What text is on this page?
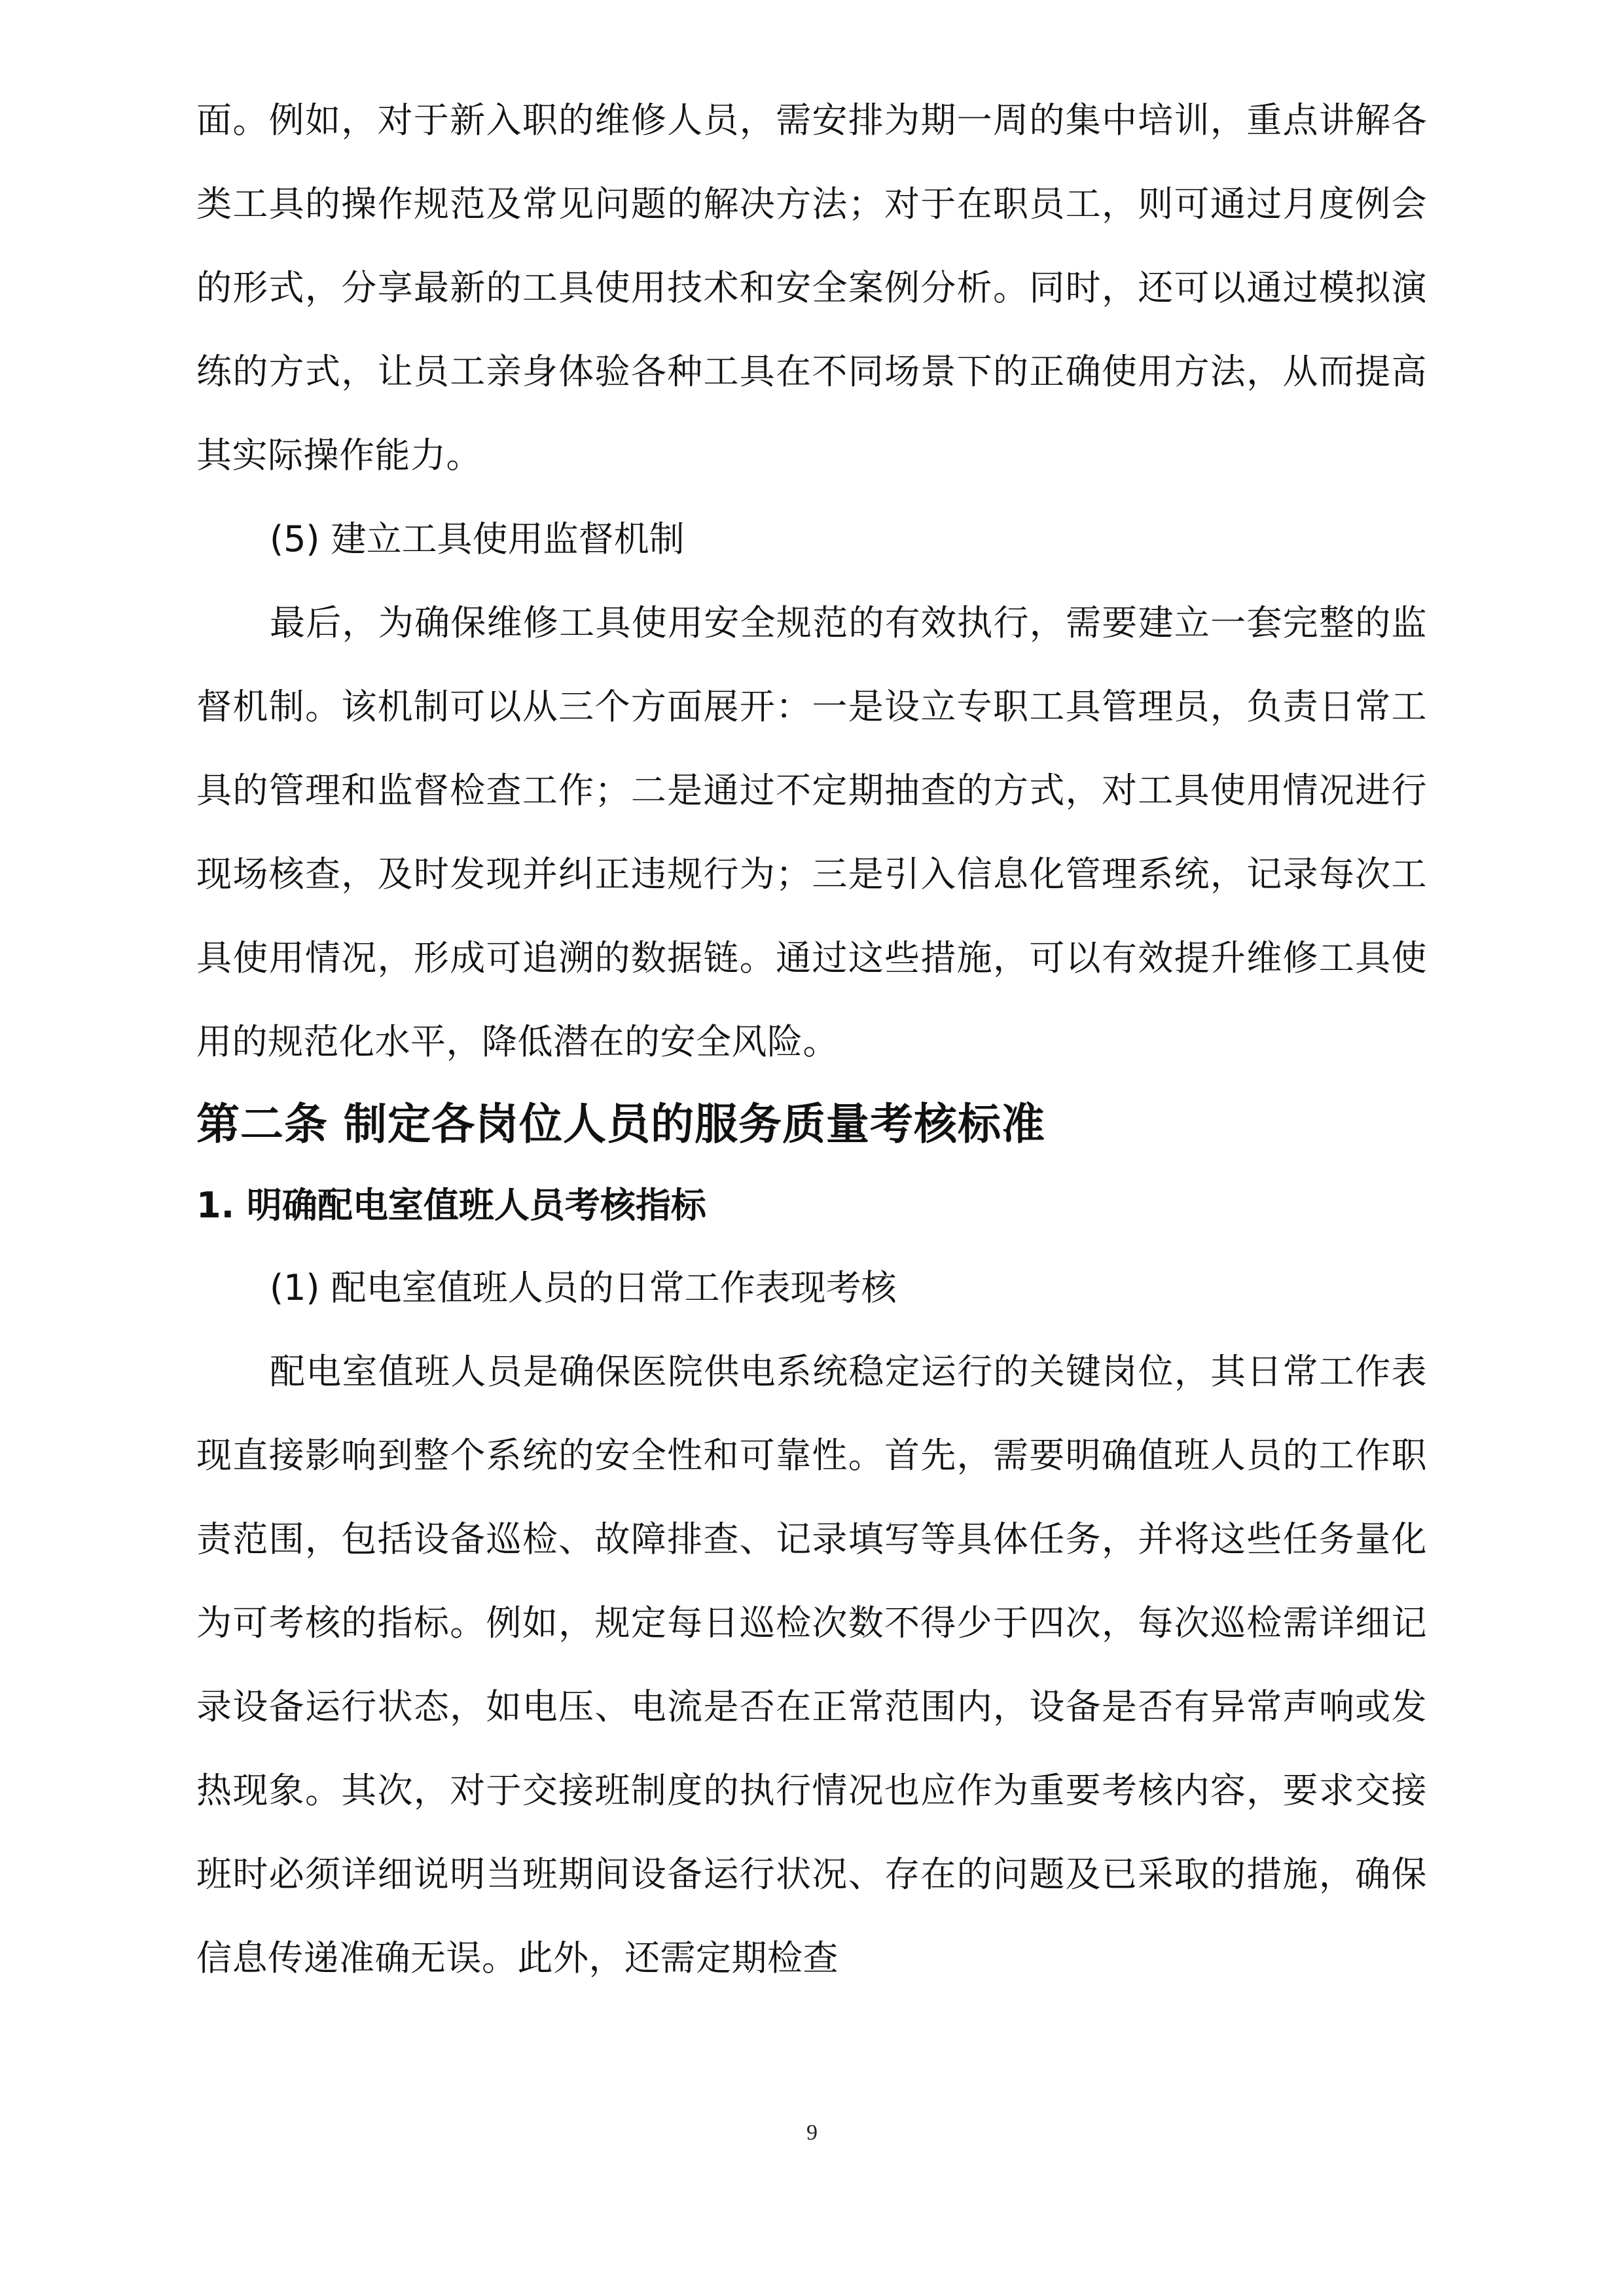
面。例如，对于新入职的维修人员，需安排为期一周的集中培训，重点讲解各类工具的操作规范及常见问题的解决方法；对于在职员工，则可通过月度例会的形式，分享最新的工具使用技术和安全案例分析。同时，还可以通过模拟演练的方式，让员工亲身体验各种工具在不同场景下的正确使用方法，从而提高其实际操作能力。

(5) 建立工具使用监督机制

最后，为确保维修工具使用安全规范的有效执行，需要建立一套完整的监督机制。该机制可以从三个方面展开：一是设立专职工具管理员，负责日常工具的管理和监督检查工作；二是通过不定期抽查的方式，对工具使用情况进行现场核查，及时发现并纠正违规行为；三是引入信息化管理系统，记录每次工具使用情况，形成可追溯的数据链。通过这些措施，可以有效提升维修工具使用的规范化水平，降低潜在的安全风险。

第二条 制定各岗位人员的服务质量考核标准

1. 明确配电室值班人员考核指标

(1) 配电室值班人员的日常工作表现考核

配电室值班人员是确保医院供电系统稳定运行的关键岗位，其日常工作表现直接影响到整个系统的安全性和可靠性。首先，需要明确值班人员的工作职责范围，包括设备巡检、故障排查、记录填写等具体任务，并将这些任务量化为可考核的指标。例如，规定每日巡检次数不得少于四次，每次巡检需详细记录设备运行状态，如电压、电流是否在正常范围内，设备是否有异常声响或发热现象。其次，对于交接班制度的执行情况也应作为重要考核内容，要求交接班时必须详细说明当班期间设备运行状况、存在的问题及已采取的措施，确保信息传递准确无误。此外，还需定期检查

9
